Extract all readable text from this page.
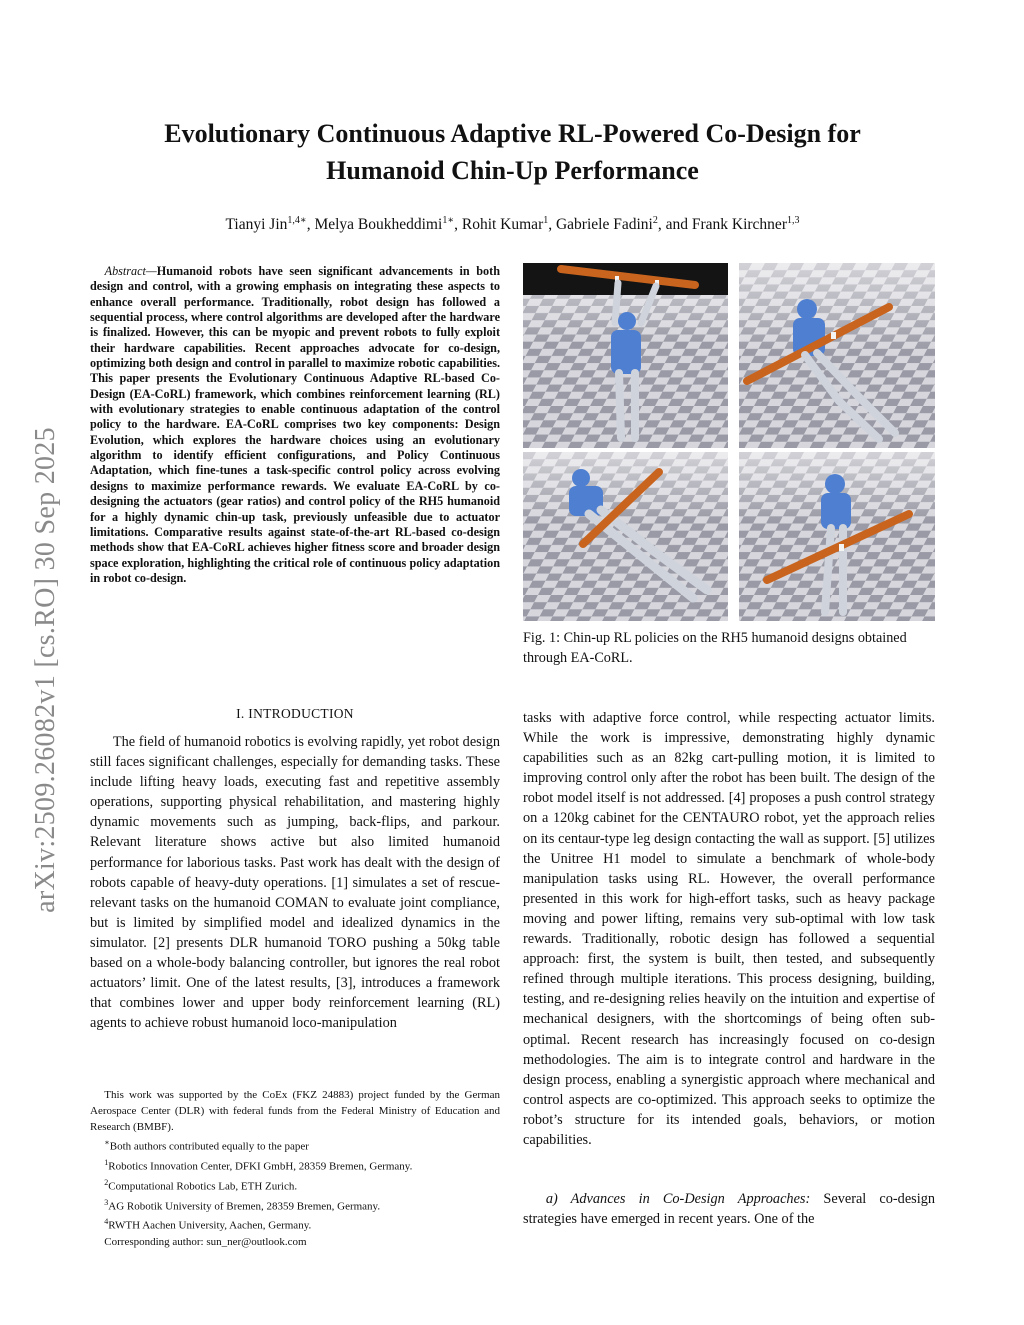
arXiv:2509.26082v1 [cs.RO] 30 Sep 2025
Evolutionary Continuous Adaptive RL-Powered Co-Design for
Humanoid Chin-Up Performance
Tianyi Jin$^{1,4∗}$, Melya Boukheddimi$^{1∗}$, Rohit Kumar$^1$, Gabriele Fadini$^2$, and Frank Kirchner$^{1,3}$
Abstract—Humanoid robots have seen significant advancements in both design and control, with a growing emphasis on integrating these aspects to enhance overall performance. Traditionally, robot design has followed a sequential process, where control algorithms are developed after the hardware is finalized. However, this can be myopic and prevent robots to fully exploit their hardware capabilities. Recent approaches advocate for co-design, optimizing both design and control in parallel to maximize robotic capabilities. This paper presents the Evolutionary Continuous Adaptive RL-based Co-Design (EA-CoRL) framework, which combines reinforcement learning (RL) with evolutionary strategies to enable continuous adaptation of the control policy to the hardware. EA-CoRL comprises two key components: Design Evolution, which explores the hardware choices using an evolutionary algorithm to identify efficient configurations, and Policy Continuous Adaptation, which fine-tunes a task-specific control policy across evolving designs to maximize performance rewards. We evaluate EA-CoRL by co-designing the actuators (gear ratios) and control policy of the RH5 humanoid for a highly dynamic chin-up task, previously unfeasible due to actuator limitations. Comparative results against state-of-the-art RL-based co-design methods show that EA-CoRL achieves higher fitness score and broader design space exploration, highlighting the critical role of continuous policy adaptation in robot co-design.
I. INTRODUCTION
The field of humanoid robotics is evolving rapidly, yet robot design still faces significant challenges, especially for demanding tasks. These include lifting heavy loads, executing fast and repetitive assembly operations, supporting physical rehabilitation, and mastering highly dynamic movements such as jumping, back-flips, and parkour. Relevant literature shows active but also limited humanoid performance for laborious tasks. Past work has dealt with the design of robots capable of heavy-duty operations. [1] simulates a set of rescue-relevant tasks on the humanoid COMAN to evaluate joint compliance, but is limited by simplified model and idealized dynamics in the simulator. [2] presents DLR humanoid TORO pushing a 50kg table based on a whole-body balancing controller, but ignores the real robot actuators’ limit. One of the latest results, [3], introduces a framework that combines lower and upper body reinforcement learning (RL) agents to achieve robust humanoid loco-manipulation

This work was supported by the CoEx (FKZ 24883) project funded by the German Aerospace Center (DLR) with federal funds from the Federal Ministry of Education and Research (BMBF).

∗Both authors contributed equally to the paper

$^1$Robotics Innovation Center, DFKI GmbH, 28359 Bremen, Germany.

$^2$Computational Robotics Lab, ETH Zurich.

$^3$AG Robotik University of Bremen, 28359 Bremen, Germany.

$^4$RWTH Aachen University, Aachen, Germany.

Corresponding author: sun_ner@outlook.com

Fig. 1: Chin-up RL policies on the RH5 humanoid designs obtained through EA-CoRL.
tasks with adaptive force control, while respecting actuator limits. While the work is impressive, demonstrating highly dynamic capabilities such as an 82kg cart-pulling motion, it is limited to improving control only after the robot has been built. The design of the robot model itself is not addressed. [4] proposes a push control strategy on a 120kg cabinet for the CENTAURO robot, yet the approach relies on its centaur-type leg design contacting the wall as support. [5] utilizes the Unitree H1 model to simulate a benchmark of whole-body manipulation tasks using RL. However, the overall performance presented in this work for high-effort tasks, such as heavy package moving and power lifting, remains very sub-optimal with low task rewards. Traditionally, robotic design has followed a sequential approach: first, the system is built, then tested, and subsequently refined through multiple iterations. This process designing, building, testing, and re-designing relies heavily on the intuition and expertise of mechanical designers, with the shortcomings of being often sub-optimal. Recent research has increasingly focused on co-design methodologies. The aim is to integrate control and hardware in the design process, enabling a synergistic approach where mechanical and control aspects are co-optimized. This approach seeks to optimize the robot’s structure for its intended goals, behaviors, or motion capabilities.
a) Advances in Co-Design Approaches: Several co-design strategies have emerged in recent years. One of the
